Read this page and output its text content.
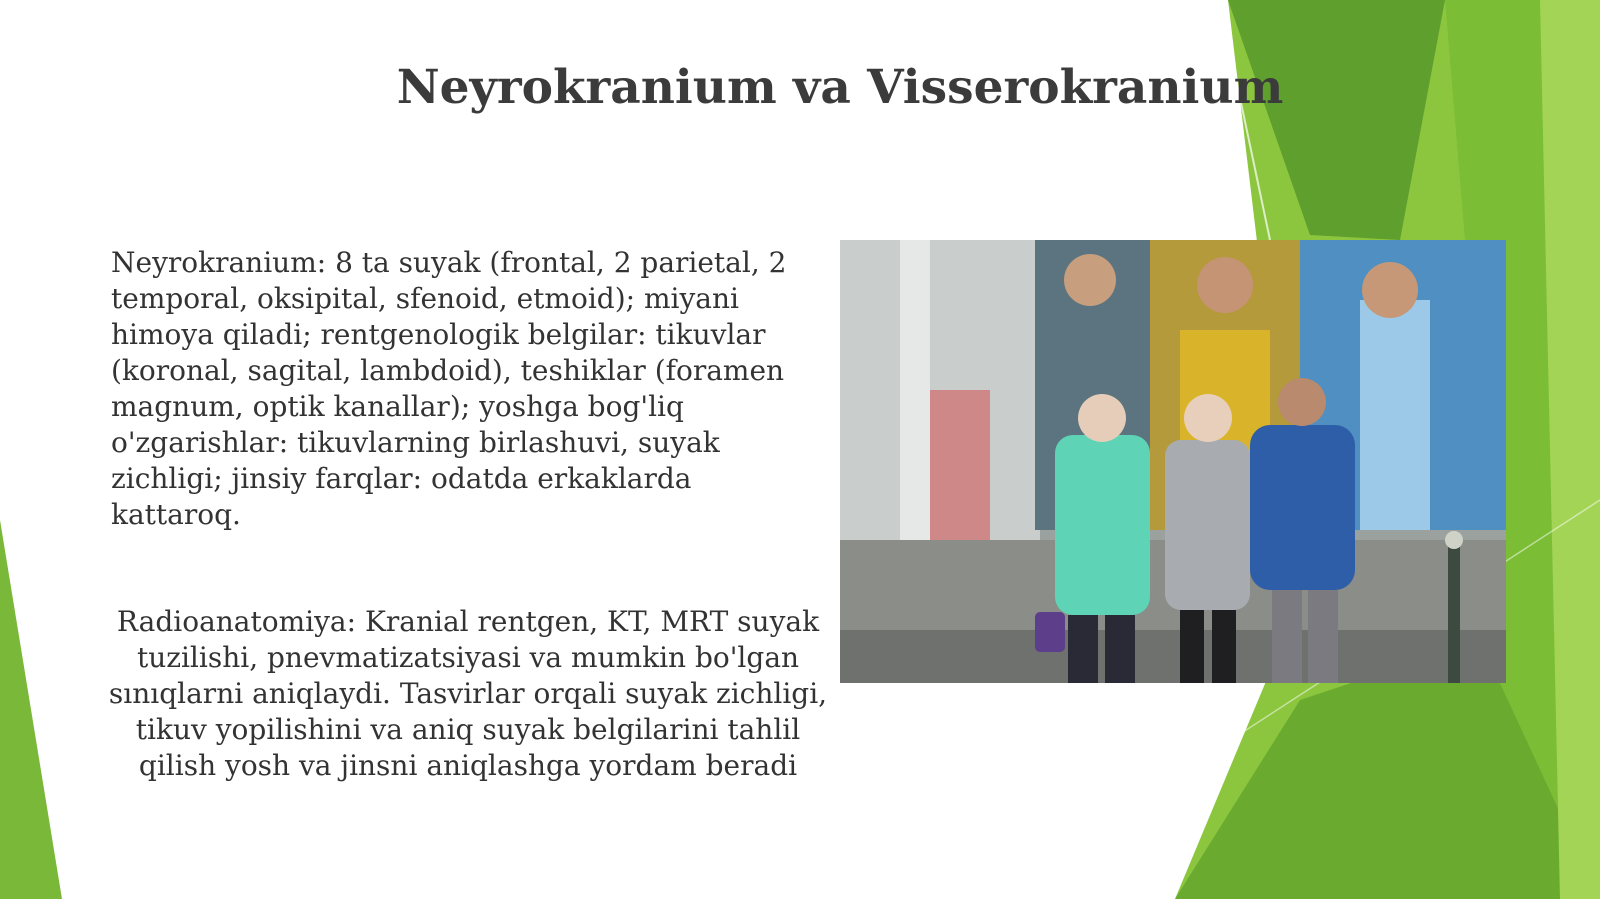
Neyrokranium va Visserokranium

Neyrokranium: 8 ta suyak (frontal, 2 parietal, 2 temporal, oksipital, sfenoid, etmoid); miyani himoya qiladi; rentgenologik belgilar: tikuvlar (koronal, sagital, lambdoid), teshiklar (foramen magnum, optik kanallar); yoshga bog'liq o'zgarishlar: tikuvlarning birlashuvi, suyak zichligi; jinsiy farqlar: odatda erkaklarda kattaroq.

Radioanatomiya: Kranial rentgen, KT, MRT suyak tuzilishi, pnevmatizatsiyasi va mumkin bo'lgan sınıqlarni aniqlaydi. Tasvirlar orqali suyak zichligi, tikuv yopilishini va aniq suyak belgilarini tahlil qilish yosh va jinsni aniqlashga yordam beradi
